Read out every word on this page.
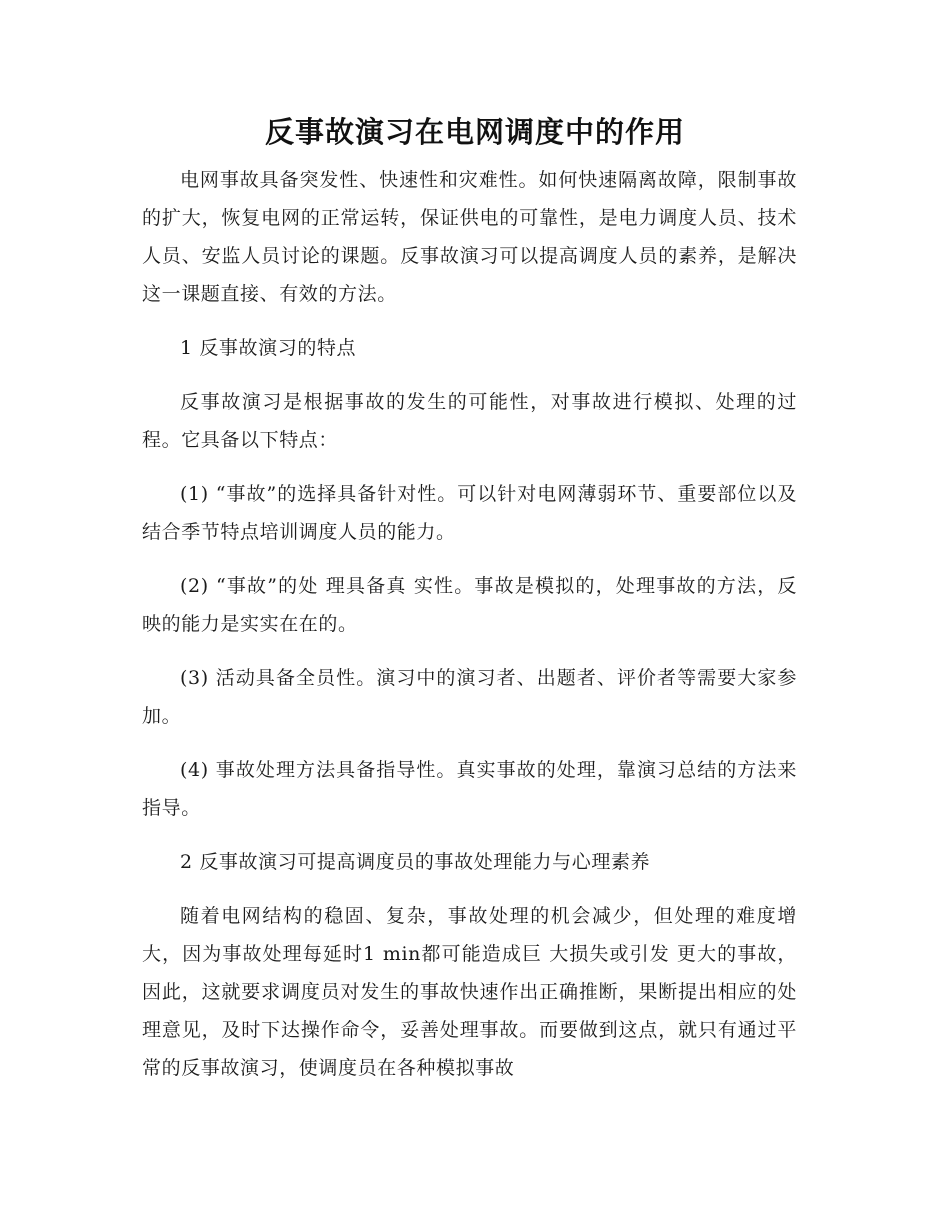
反事故演习在电网调度中的作用

电网事故具备突发性、快速性和灾难性。如何快速隔离故障，限制事故的扩大，恢复电网的正常运转，保证供电的可靠性，是电力调度人员、技术人员、安监人员讨论的课题。反事故演习可以提高调度人员的素养，是解决这一课题直接、有效的方法。

1 反事故演习的特点

反事故演习是根据事故的发生的可能性，对事故进行模拟、处理的过程。它具备以下特点：

(1) “事故”的选择具备针对性。可以针对电网薄弱环节、重要部位以及结合季节特点培训调度人员的能力。

(2) “事故”的处 理具备真 实性。事故是模拟的，处理事故的方法，反映的能力是实实在在的。

(3) 活动具备全员性。演习中的演习者、出题者、评价者等需要大家参加。

(4) 事故处理方法具备指导性。真实事故的处理，靠演习总结的方法来指导。

2 反事故演习可提高调度员的事故处理能力与心理素养

随着电网结构的稳固、复杂，事故处理的机会减少，但处理的难度增大，因为事故处理每延时1 min都可能造成巨 大损失或引发 更大的事故，因此，这就要求调度员对发生的事故快速作出正确推断，果断提出相应的处理意见，及时下达操作命令，妥善处理事故。而要做到这点，就只有通过平常的反事故演习，使调度员在各种模拟事故
